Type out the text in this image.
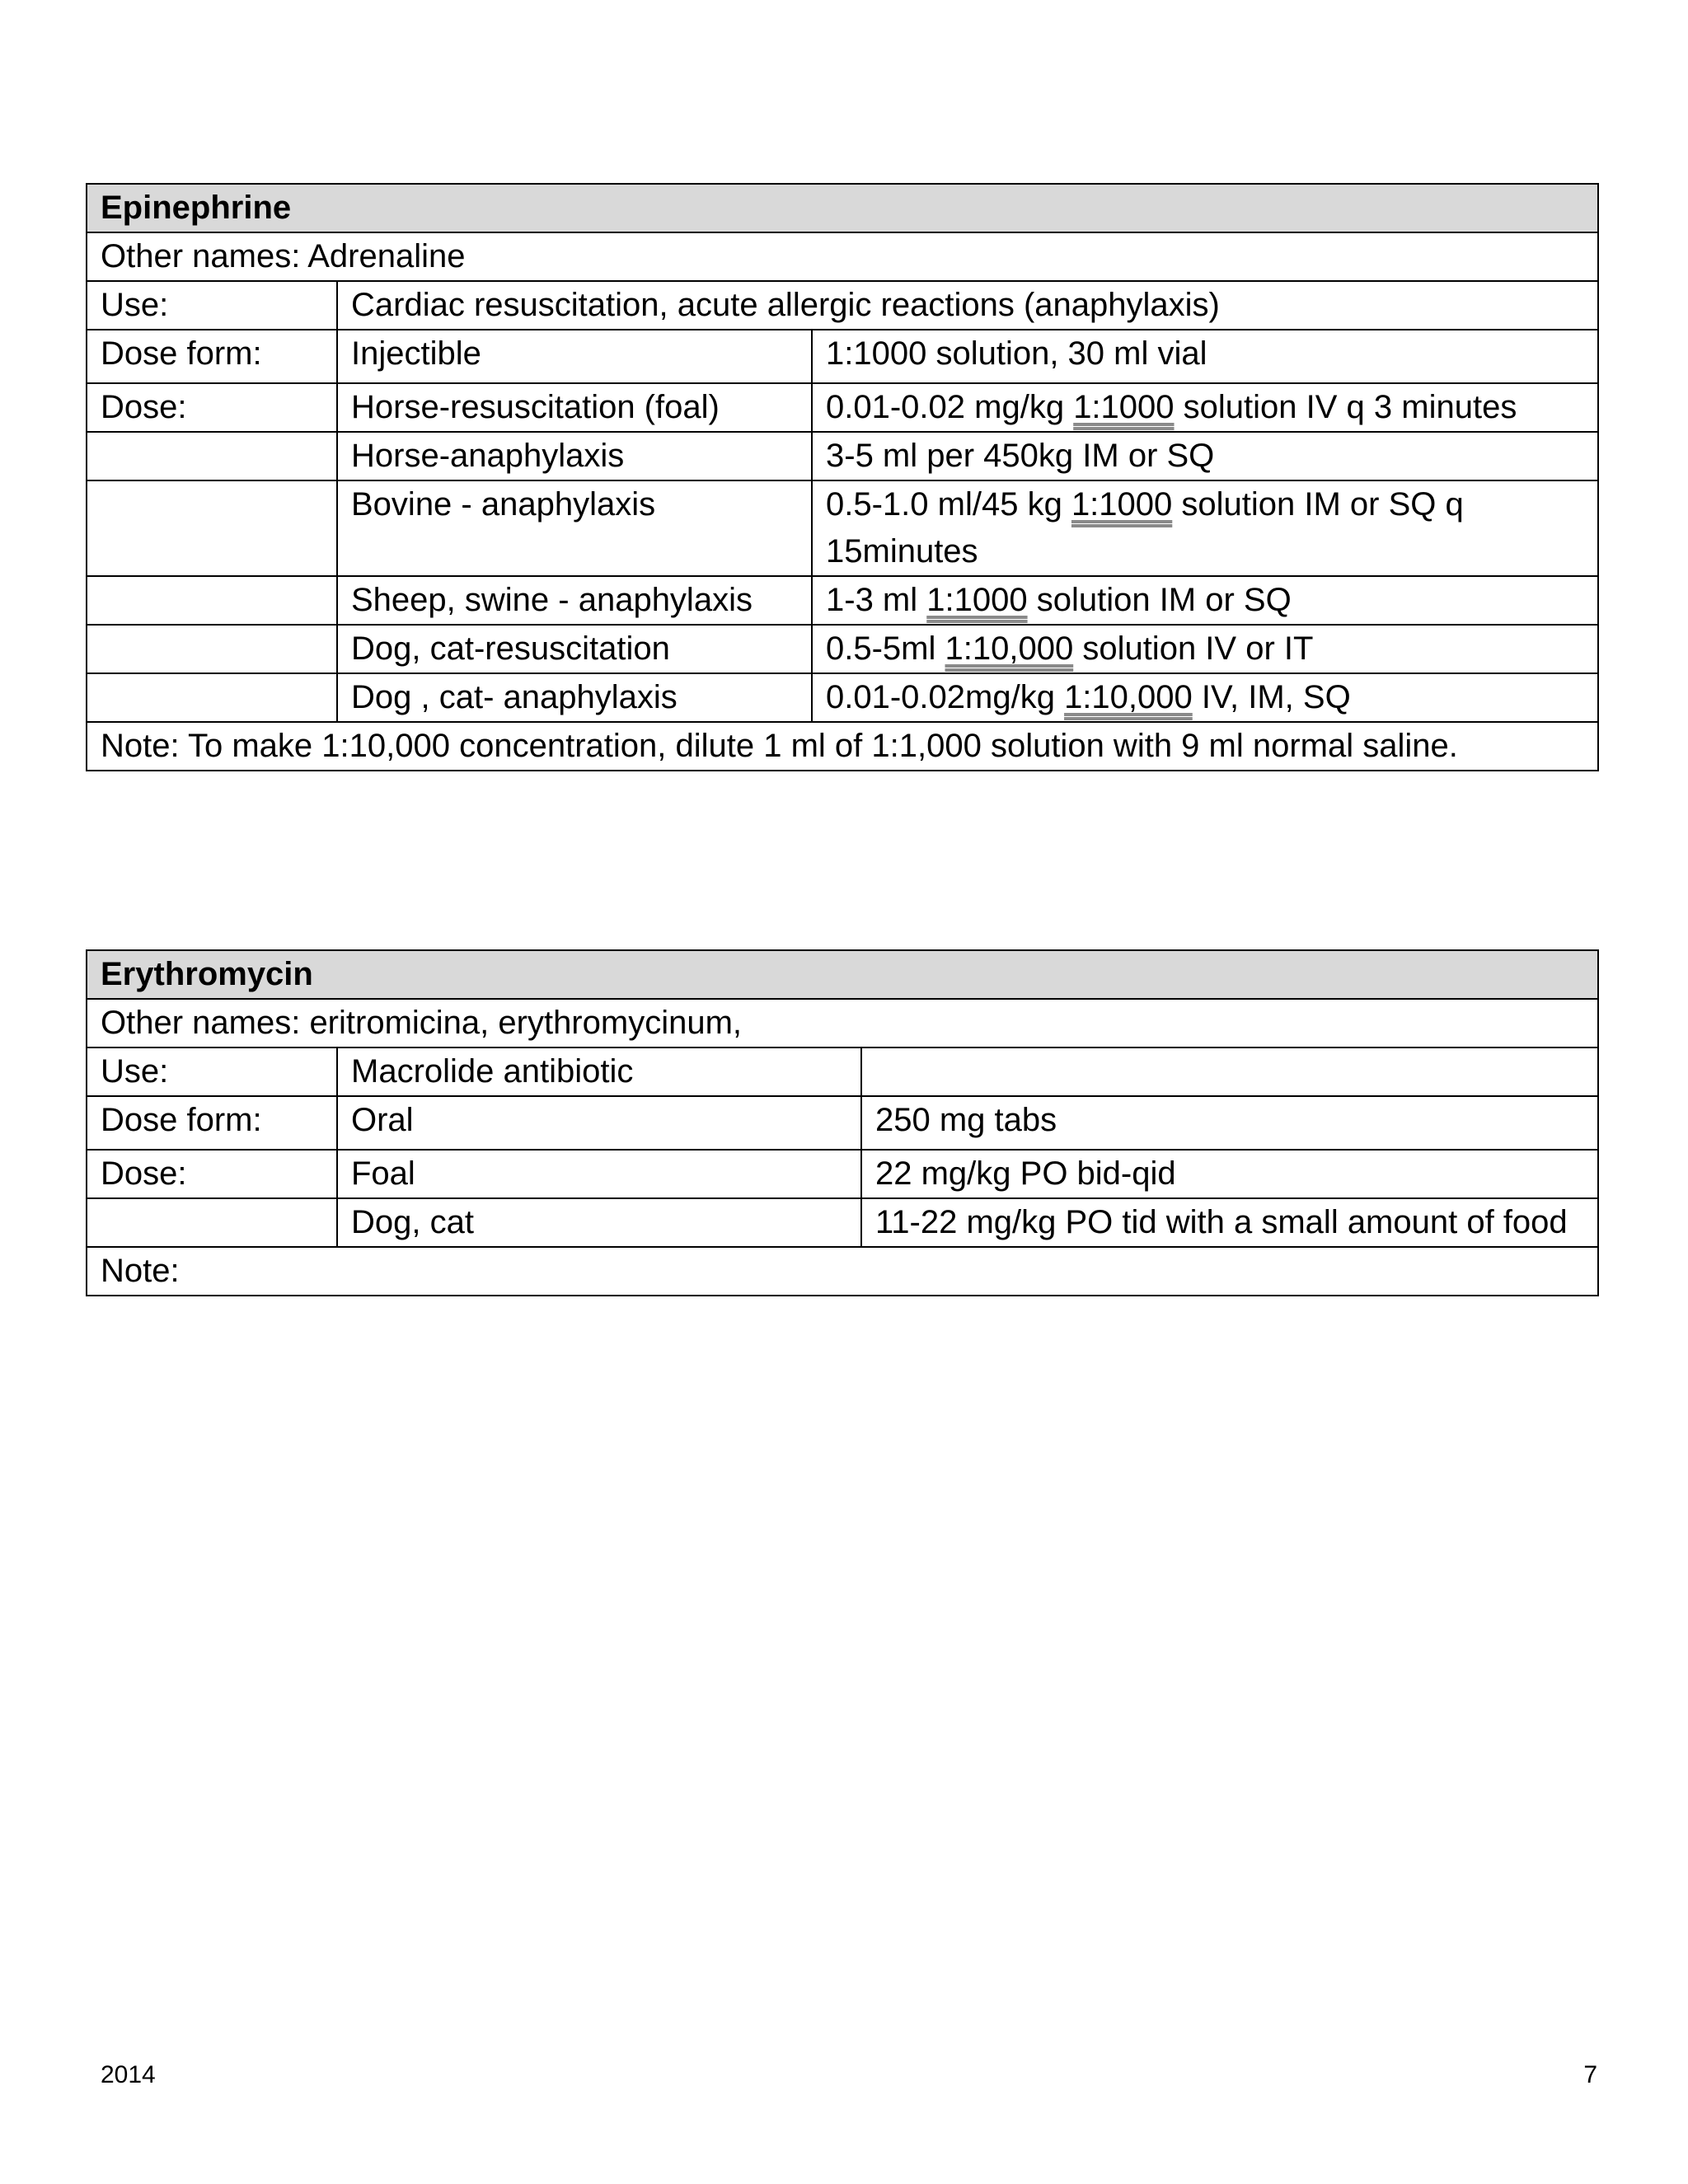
Epinephrine		
Other names: Adrenaline		
Use:	Cardiac resuscitation, acute allergic reactions (anaphylaxis)	
Dose form:	Injectible	1:1000 solution, 30 ml vial
Dose:	Horse-resuscitation (foal)	0.01-0.02 mg/kg 1:1000 solution IV q 3 minutes
	Horse-anaphylaxis	3-5 ml per 450kg IM or SQ
	Bovine - anaphylaxis	0.5-1.0 ml/45 kg 1:1000 solution IM or SQ q 15minutes
	Sheep, swine - anaphylaxis	1-3 ml 1:1000 solution IM or SQ
	Dog, cat-resuscitation	0.5-5ml 1:10,000 solution IV or IT
	Dog , cat- anaphylaxis	0.01-0.02mg/kg 1:10,000 IV, IM, SQ
Note: To make 1:10,000 concentration, dilute 1 ml of 1:1,000 solution with 9 ml normal saline.		
Erythromycin		
Other names: eritromicina, erythromycinum,		
Use:	Macrolide antibiotic	
Dose form:	Oral	250 mg tabs
Dose:	Foal	22 mg/kg PO bid-qid
	Dog, cat	11-22 mg/kg PO tid with a small amount of food
Note:		
2014	7
